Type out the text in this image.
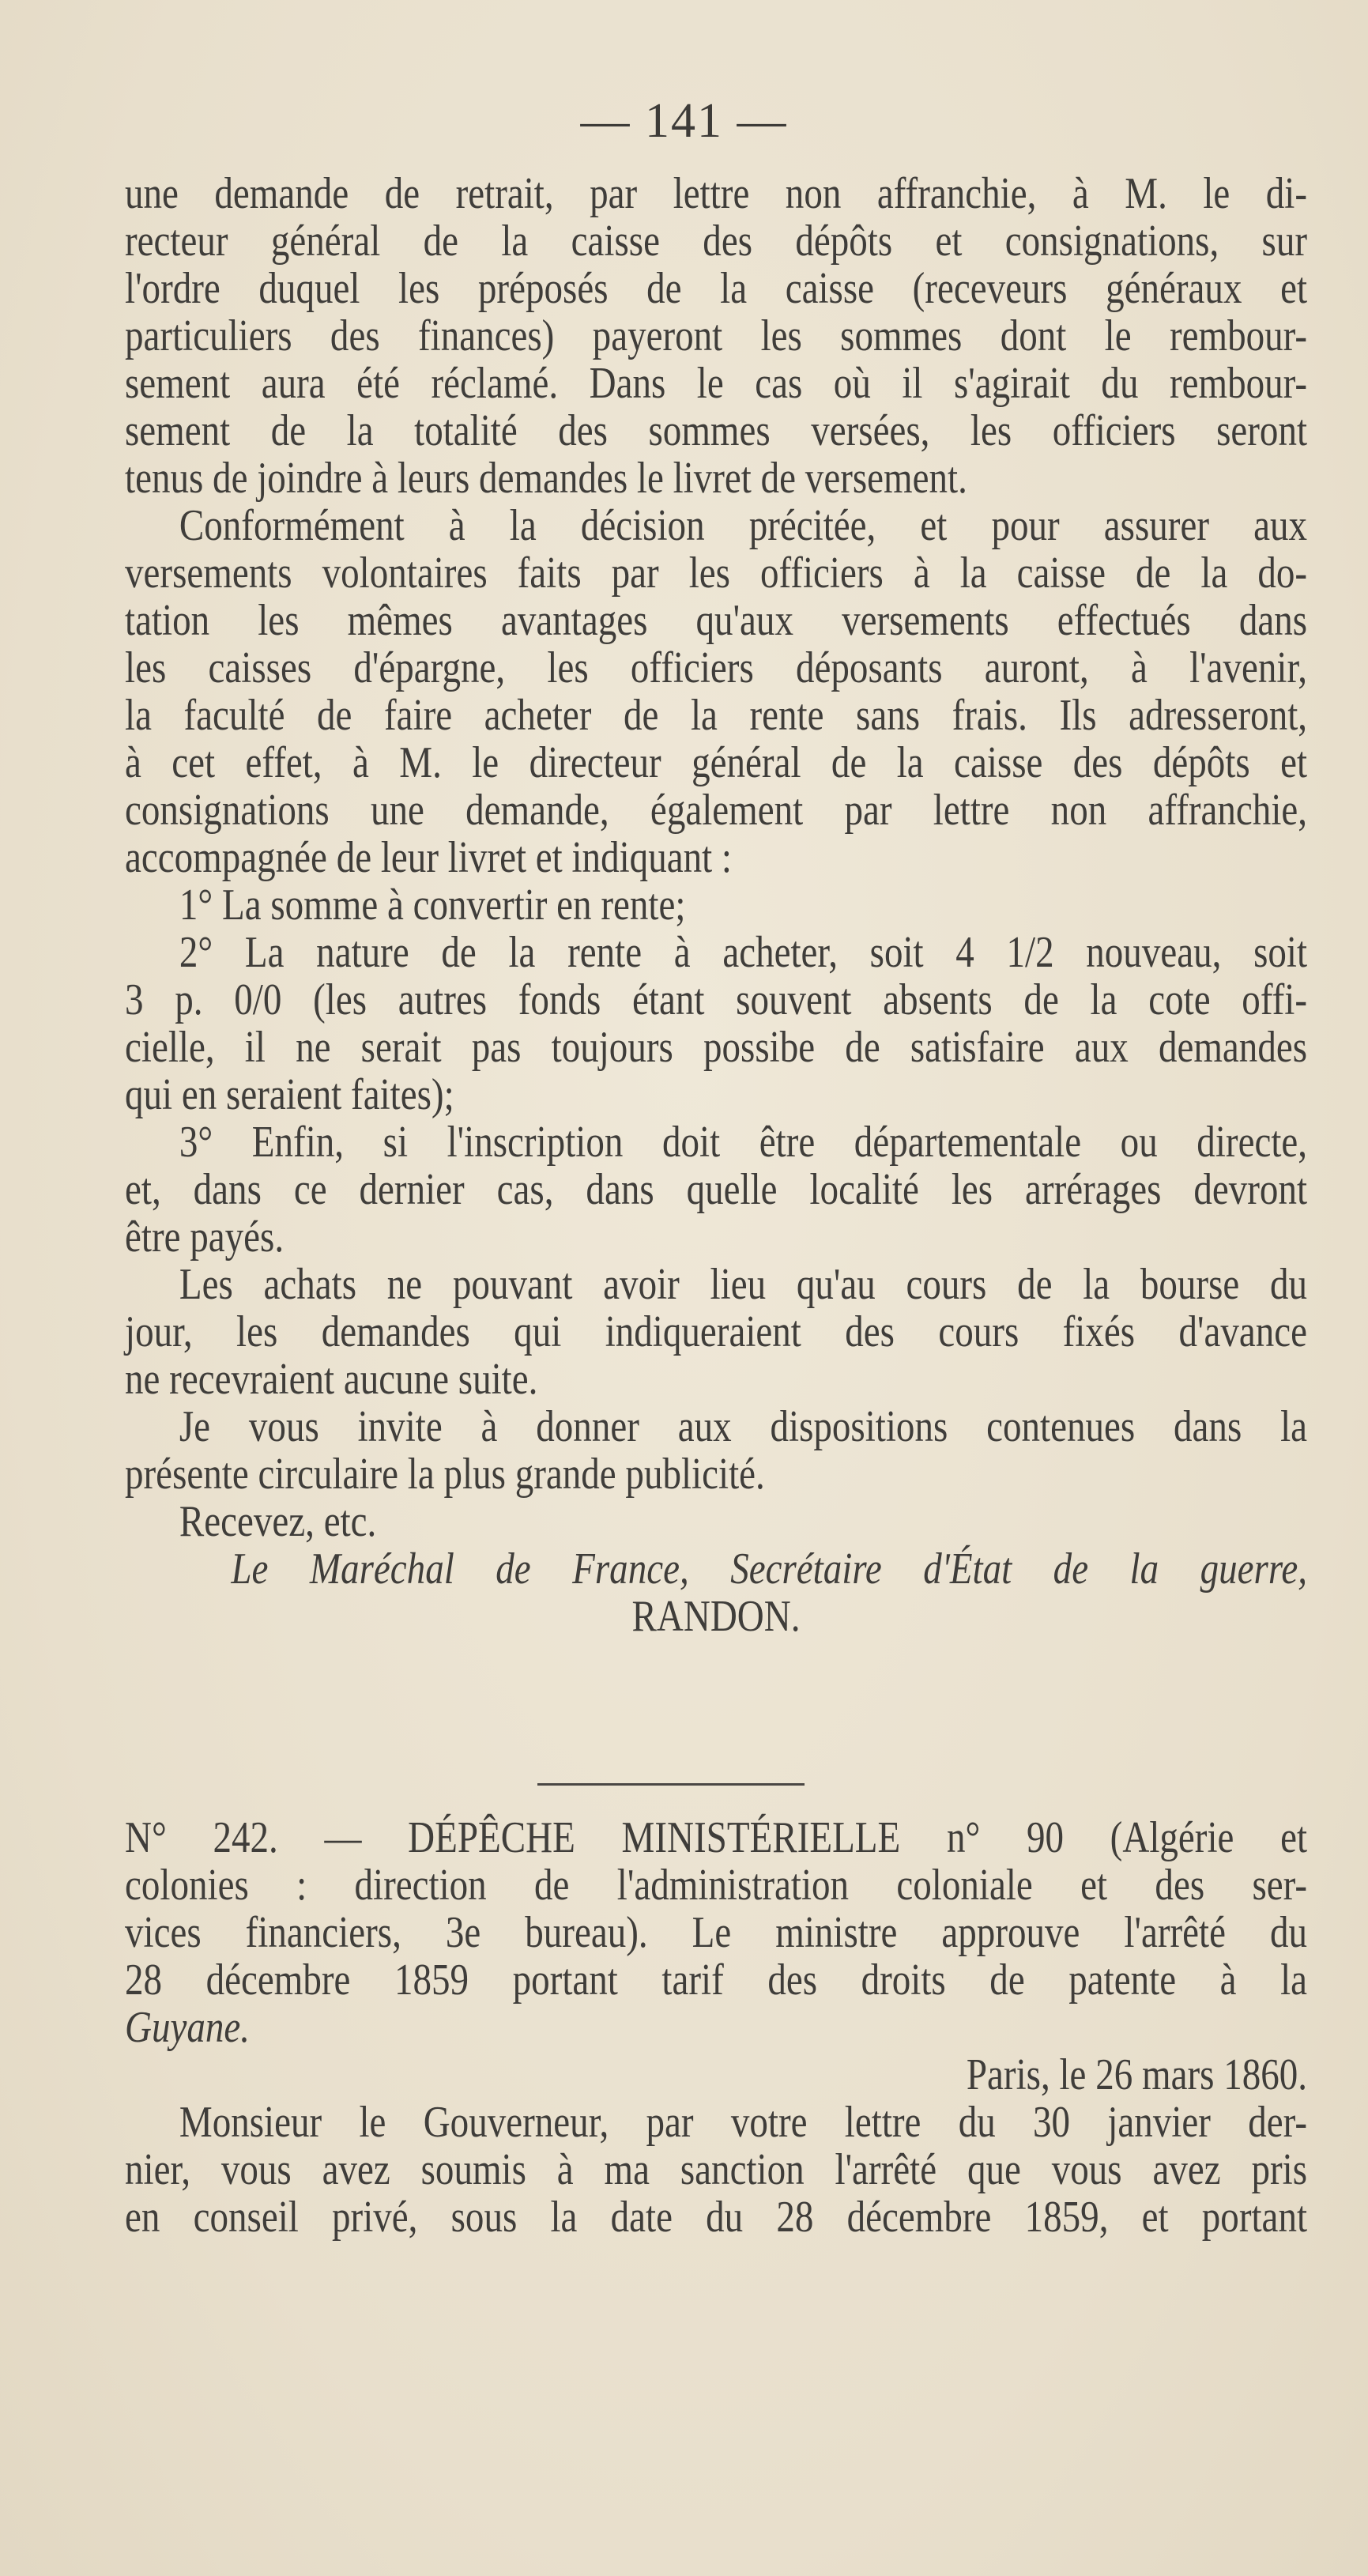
— 141 —
une demande de retrait, par lettre non affranchie, à M. le di-
recteur général de la caisse des dépôts et consignations, sur
l'ordre duquel les préposés de la caisse (receveurs généraux et
particuliers des finances) payeront les sommes dont le rembour-
sement aura été réclamé. Dans le cas où il s'agirait du rembour-
sement de la totalité des sommes versées, les officiers seront
tenus de joindre à leurs demandes le livret de versement.
Conformément à la décision précitée, et pour assurer aux
versements volontaires faits par les officiers à la caisse de la do-
tation les mêmes avantages qu'aux versements effectués dans
les caisses d'épargne, les officiers déposants auront, à l'avenir,
la faculté de faire acheter de la rente sans frais. Ils adresseront,
à cet effet, à M. le directeur général de la caisse des dépôts et
consignations une demande, également par lettre non affranchie,
accompagnée de leur livret et indiquant :
1° La somme à convertir en rente;
2° La nature de la rente à acheter, soit 4 1/2 nouveau, soit
3 p. 0/0 (les autres fonds étant souvent absents de la cote offi-
cielle, il ne serait pas toujours possibe de satisfaire aux demandes
qui en seraient faites);
3° Enfin, si l'inscription doit être départementale ou directe,
et, dans ce dernier cas, dans quelle localité les arrérages devront
être payés.
Les achats ne pouvant avoir lieu qu'au cours de la bourse du
jour, les demandes qui indiqueraient des cours fixés d'avance
ne recevraient aucune suite.
Je vous invite à donner aux dispositions contenues dans la
présente circulaire la plus grande publicité.
Recevez, etc.
Le Maréchal de France, Secrétaire d'État de la guerre,
RANDON.
N° 242. — DÉPÊCHE MINISTÉRIELLE n° 90 (Algérie et
colonies : direction de l'administration coloniale et des ser-
vices financiers, 3e bureau). Le ministre approuve l'arrêté du
28 décembre 1859 portant tarif des droits de patente à la
Guyane.
Paris, le 26 mars 1860.
Monsieur le Gouverneur, par votre lettre du 30 janvier der-
nier, vous avez soumis à ma sanction l'arrêté que vous avez pris
en conseil privé, sous la date du 28 décembre 1859, et portant
